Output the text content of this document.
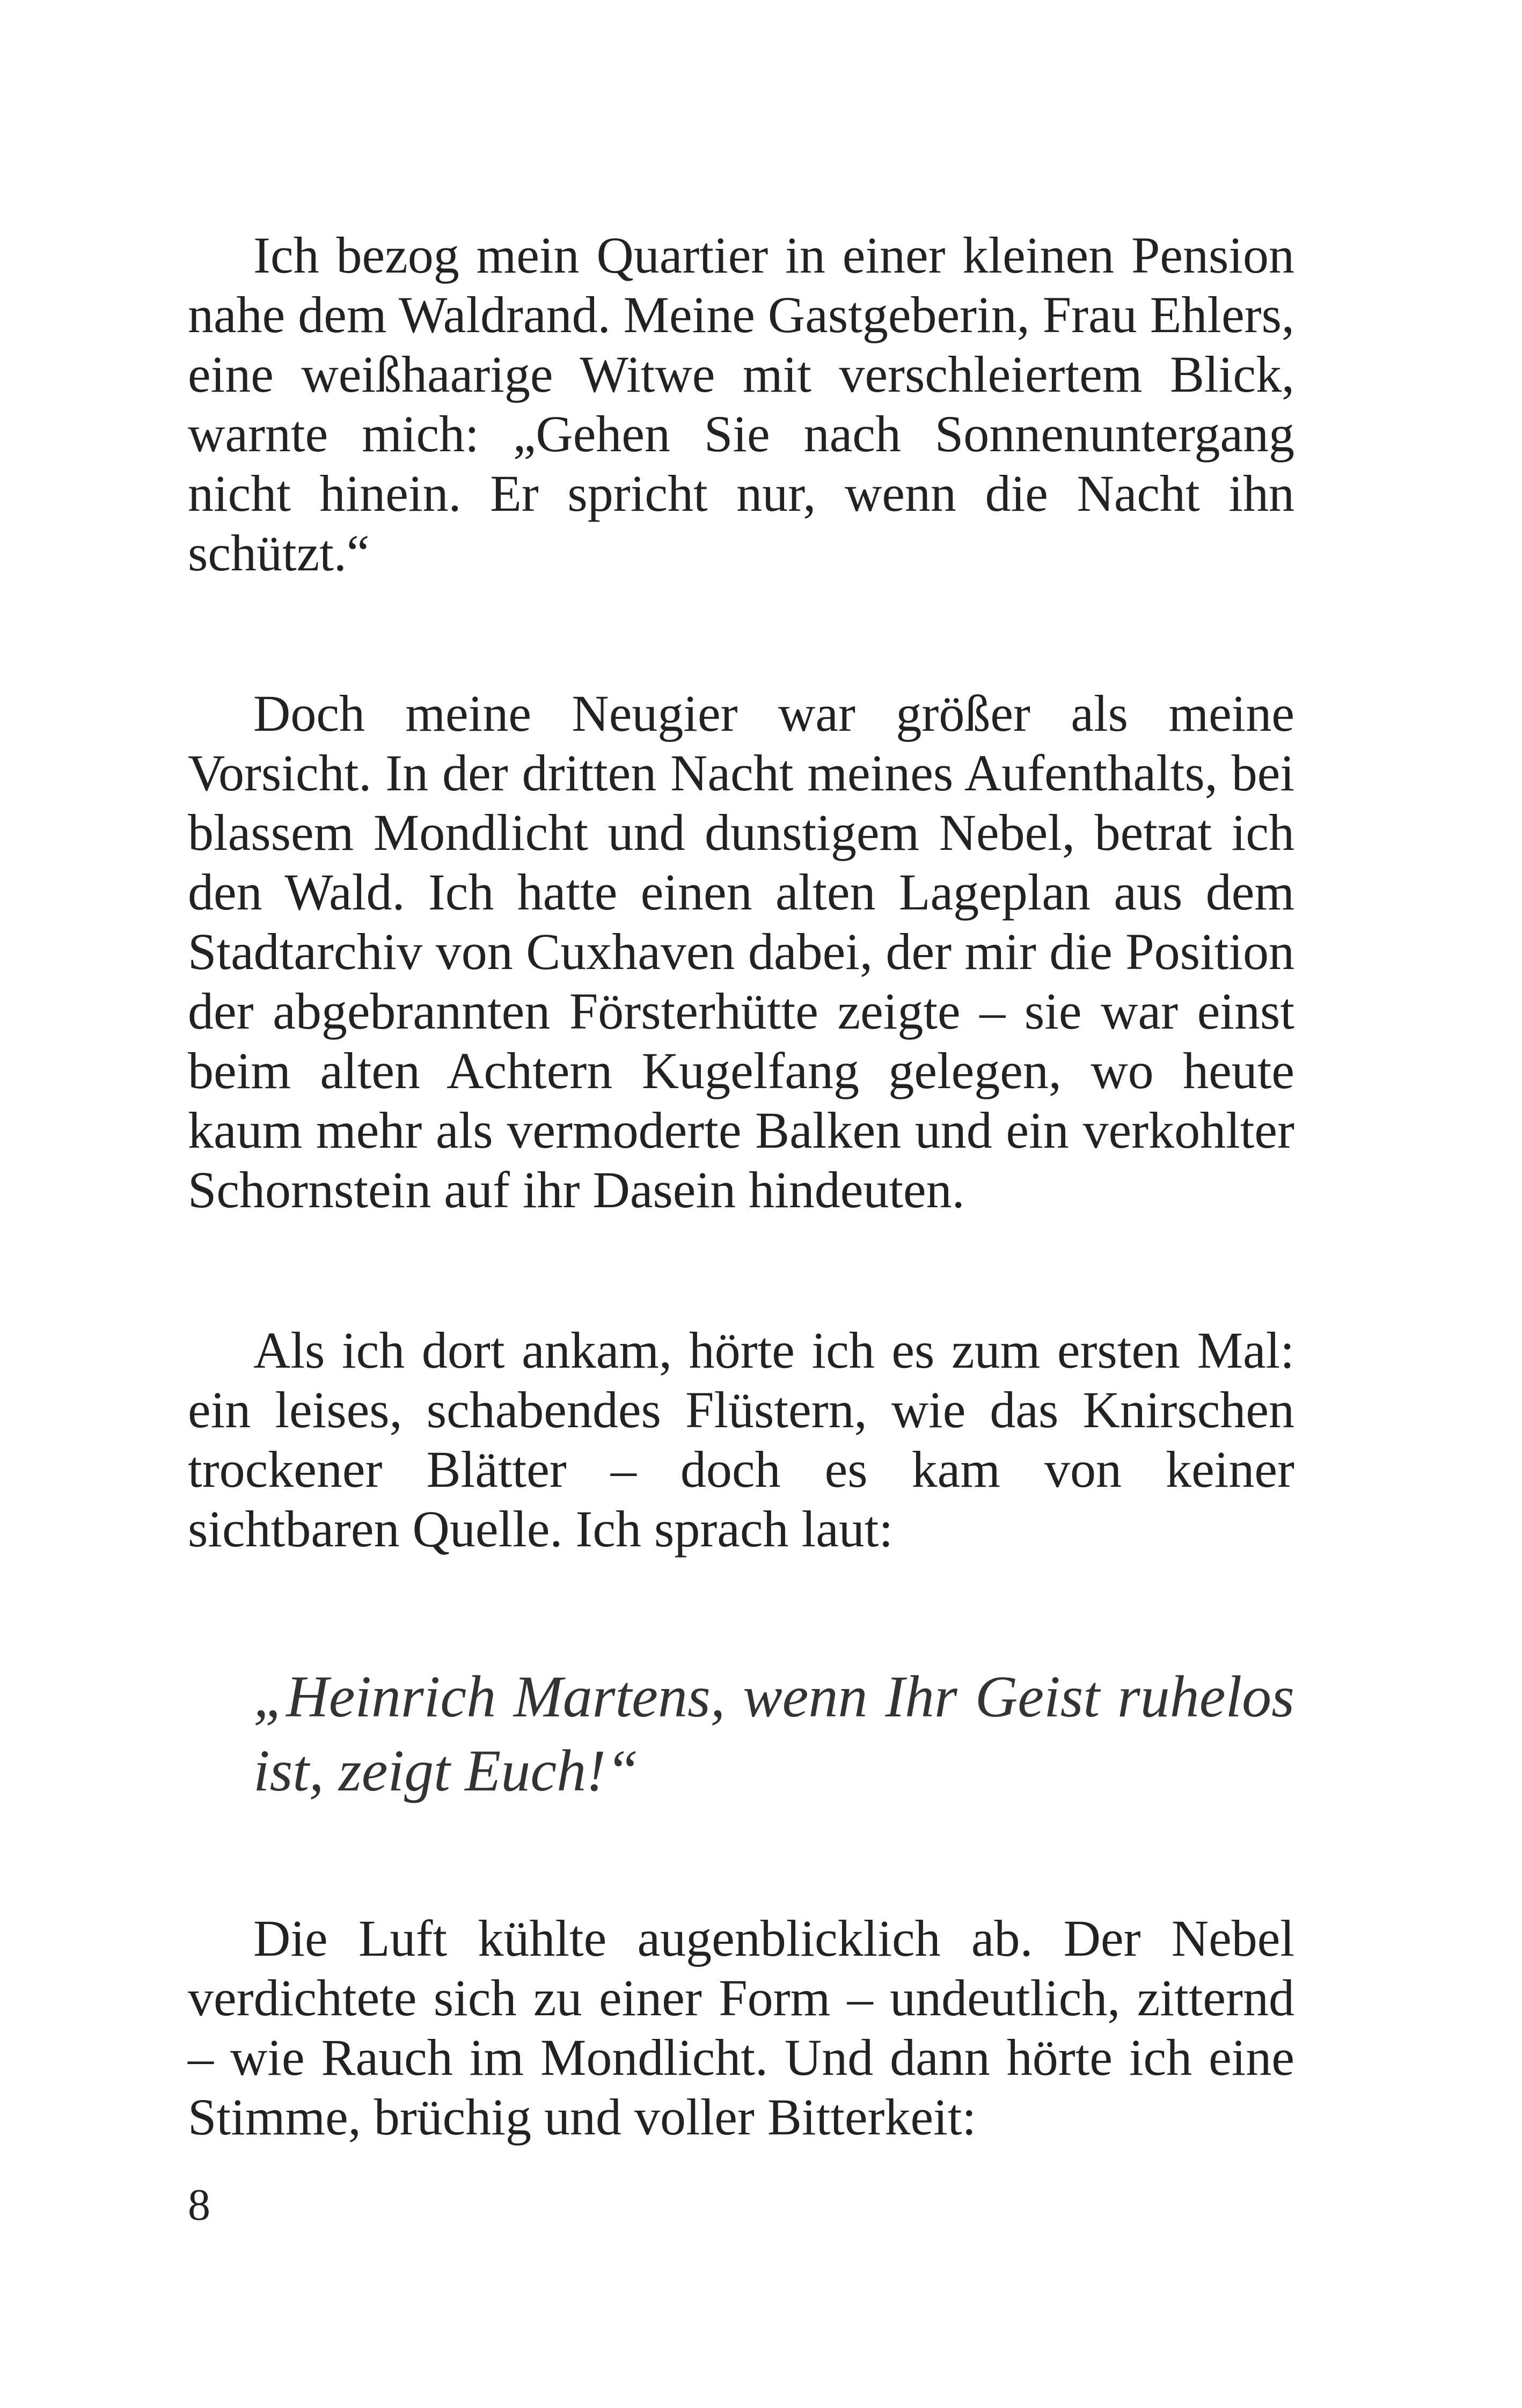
Ich bezog mein Quartier in einer kleinen Pension nahe dem Waldrand. Meine Gastgeberin, Frau Ehlers, eine weißhaarige Witwe mit verschleiertem Blick, warnte mich: „Gehen Sie nach Sonnenuntergang nicht hinein. Er spricht nur, wenn die Nacht ihn schützt.“

Doch meine Neugier war größer als meine Vorsicht. In der dritten Nacht meines Aufenthalts, bei blassem Mondlicht und dunstigem Nebel, betrat ich den Wald. Ich hatte einen alten Lageplan aus dem Stadtarchiv von Cuxhaven dabei, der mir die Position der abgebrannten Försterhütte zeigte – sie war einst beim alten Achtern Kugelfang gelegen, wo heute kaum mehr als vermoderte Balken und ein verkohlter Schornstein auf ihr Dasein hindeuten.

Als ich dort ankam, hörte ich es zum ersten Mal: ein leises, schabendes Flüstern, wie das Knirschen trockener Blätter – doch es kam von keiner sichtbaren Quelle. Ich sprach laut:

„Heinrich Martens, wenn Ihr Geist ruhelos ist, zeigt Euch!“

Die Luft kühlte augenblicklich ab. Der Nebel verdichtete sich zu einer Form – undeutlich, zitternd – wie Rauch im Mondlicht. Und dann hörte ich eine Stimme, brüchig und voller Bitterkeit:

8
